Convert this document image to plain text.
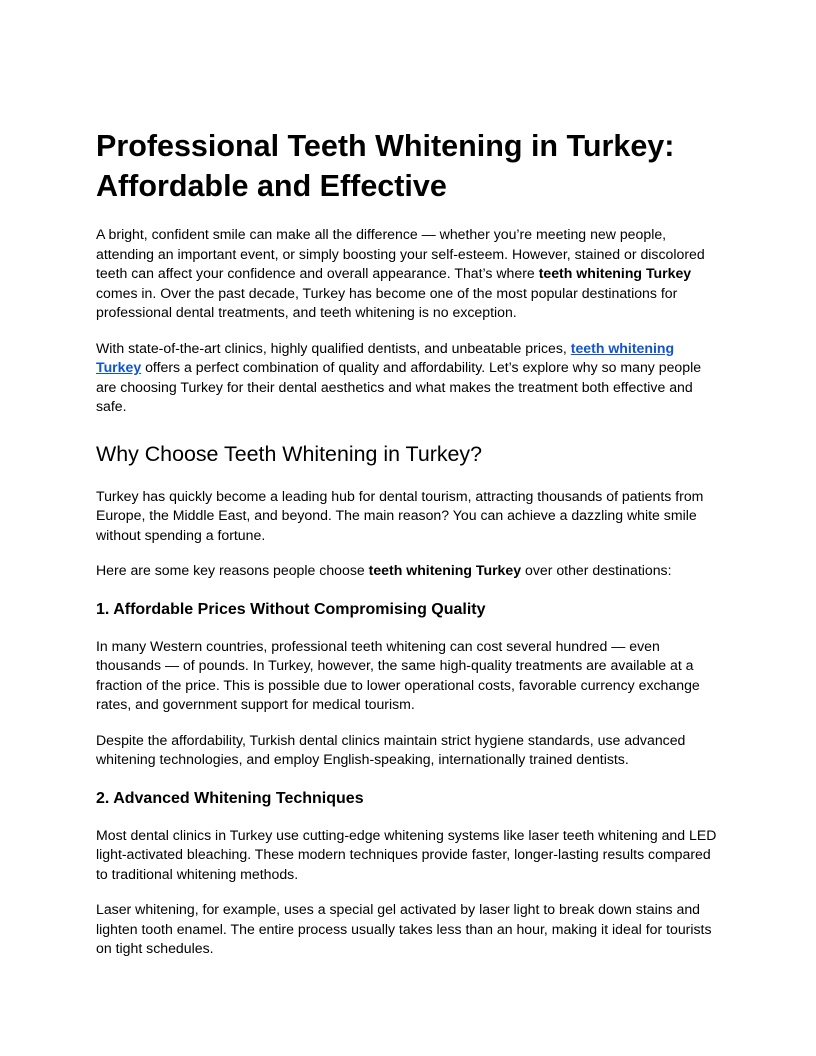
Professional Teeth Whitening in Turkey: Affordable and Effective

A bright, confident smile can make all the difference — whether you’re meeting new people, attending an important event, or simply boosting your self-esteem. However, stained or discolored teeth can affect your confidence and overall appearance. That’s where teeth whitening Turkey comes in. Over the past decade, Turkey has become one of the most popular destinations for professional dental treatments, and teeth whitening is no exception.

With state-of-the-art clinics, highly qualified dentists, and unbeatable prices, teeth whitening Turkey offers a perfect combination of quality and affordability. Let’s explore why so many people are choosing Turkey for their dental aesthetics and what makes the treatment both effective and safe.

Why Choose Teeth Whitening in Turkey?

Turkey has quickly become a leading hub for dental tourism, attracting thousands of patients from Europe, the Middle East, and beyond. The main reason? You can achieve a dazzling white smile without spending a fortune.

Here are some key reasons people choose teeth whitening Turkey over other destinations:

1. Affordable Prices Without Compromising Quality

In many Western countries, professional teeth whitening can cost several hundred — even thousands — of pounds. In Turkey, however, the same high-quality treatments are available at a fraction of the price. This is possible due to lower operational costs, favorable currency exchange rates, and government support for medical tourism.

Despite the affordability, Turkish dental clinics maintain strict hygiene standards, use advanced whitening technologies, and employ English-speaking, internationally trained dentists.

2. Advanced Whitening Techniques

Most dental clinics in Turkey use cutting-edge whitening systems like laser teeth whitening and LED light-activated bleaching. These modern techniques provide faster, longer-lasting results compared to traditional whitening methods.

Laser whitening, for example, uses a special gel activated by laser light to break down stains and lighten tooth enamel. The entire process usually takes less than an hour, making it ideal for tourists on tight schedules.
